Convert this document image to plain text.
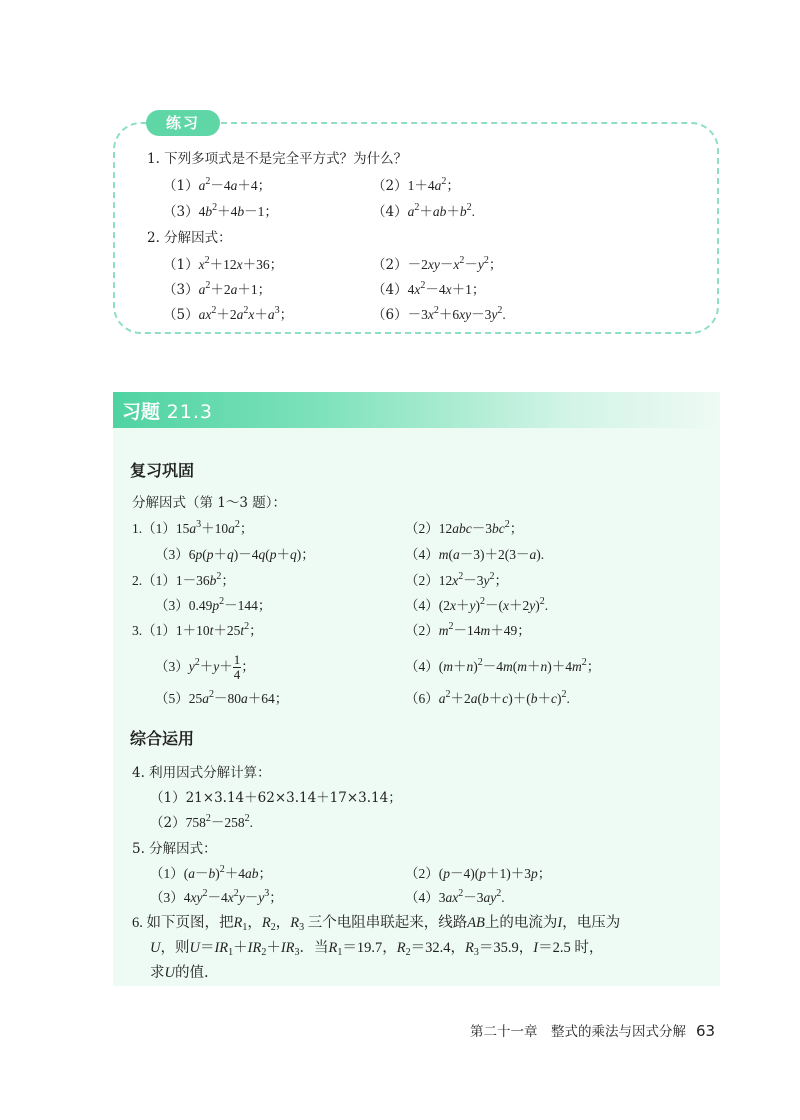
练习
1. 下列多项式是不是完全平方式？为什么？
$(1)a^2-4a+4$；	$(2)1+4a^2$；
$(3)4b^2+4b-1$；	$(4)a^2+ab+b^2$.
2. 分解因式：
$(1)x^2+12x+36$；	$(2)-2xy-x^2-y^2$；
$(3)a^2+2a+1$；	$(4)4x^2-4x+1$；
$(5)ax^2+2a^2x+a^3$；	$(6)-3x^2+6xy-3y^2$.
习题 21.3
复习巩固
分解因式（第 1～3 题）：
$1.(1)15a^3+10a^2$；	$(2)12abc-3bc^2$；
（3）6p(p＋q)－4q(p＋q)；	（4）m(a－3)＋2(3－a).
$2.(1)1-36b^2$；	$(2)12x^2-3y^2$；
$(3)0.49p^2-144$；	$(4)(2x+y)^2-(x+2y)^2$.
$3.(1)1+10t+25t^2$；	$(2)m^2-14m+49$；
$(3)y^2+y+ \frac{1}{4}$ ；	$(4)(m+n)^2-4m(m+n)+4m^2$；
$(5)25a^2-80a+64$；	$(6)a^2+2a(b+c)+(b+c)^2$.
综合运用
4. 利用因式分解计算：
（1）21×3.14＋62×3.14＋17×3.14；
$(2)758^2-258^2$.
5. 分解因式：
$(1)(a-b)^2+4ab$；	（2）(p－4)(p＋1)＋3p；
$(3)4xy^2-4x^2y-y^3$；	$(4)3ax^2-3ay^2$.
6. 如下页图，把$R_1$，$R_2$，$R_3$ 三个电阻串联起来，线路AB上的电流为I，电压为
U，则$U=IR_1+IR_2+IR_3$．当$R_1=19.7$，$R_2=32.4$，$R_3=35.9$，I＝2.5 时，
求U的值.
第二十一章　整式的乘法与因式分解 63
